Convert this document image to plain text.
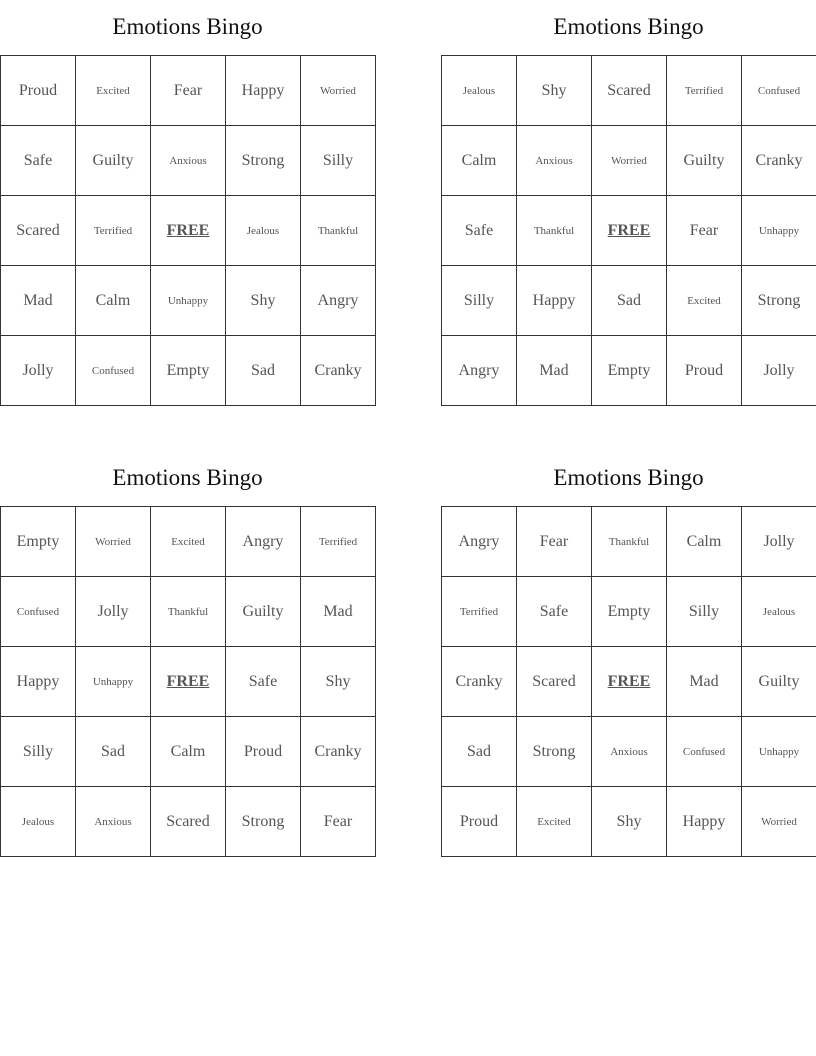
Emotions Bingo
Proud	Excited	Fear	Happy	Worried
Safe	Guilty	Anxious	Strong	Silly
Scared	Terrified	FREE	Jealous	Thankful
Mad	Calm	Unhappy	Shy	Angry
Jolly	Confused	Empty	Sad	Cranky
Emotions Bingo
Jealous	Shy	Scared	Terrified	Confused
Calm	Anxious	Worried	Guilty	Cranky
Safe	Thankful	FREE	Fear	Unhappy
Silly	Happy	Sad	Excited	Strong
Angry	Mad	Empty	Proud	Jolly
Emotions Bingo
Empty	Worried	Excited	Angry	Terrified
Confused	Jolly	Thankful	Guilty	Mad
Happy	Unhappy	FREE	Safe	Shy
Silly	Sad	Calm	Proud	Cranky
Jealous	Anxious	Scared	Strong	Fear
Emotions Bingo
Angry	Fear	Thankful	Calm	Jolly
Terrified	Safe	Empty	Silly	Jealous
Cranky	Scared	FREE	Mad	Guilty
Sad	Strong	Anxious	Confused	Unhappy
Proud	Excited	Shy	Happy	Worried
